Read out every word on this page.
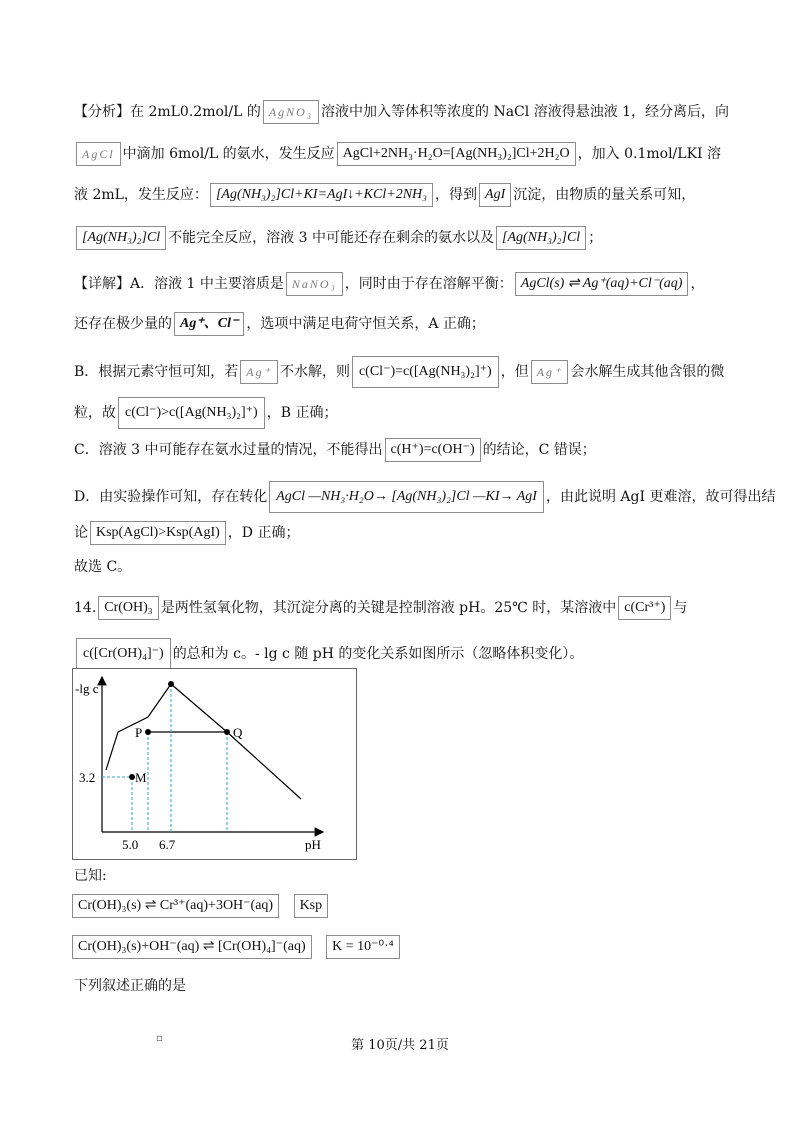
【分析】在 2mL0.2mol/L 的 AgNO₃ 溶液中加入等体积等浓度的 NaCl 溶液得悬浊液 1，经分离后，向
AgCl 中滴加 6mol/L 的氨水，发生反应 AgCl+2NH₃·H₂O=[Ag(NH₃)₂]Cl+2H₂O ，加入 0.1mol/LKI 溶
液 2mL，发生反应： [Ag(NH₃)₂]Cl+KI=AgI↓+KCl+2NH₃ ，得到 AgI 沉淀，由物质的量关系可知，
[Ag(NH₃)₂]Cl 不能完全反应，溶液 3 中可能还存在剩余的氨水以及 [Ag(NH₃)₂]Cl ；
【详解】A．溶液 1 中主要溶质是 NaNO₃ ，同时由于存在溶解平衡： AgCl(s) ⇌ Ag⁺(aq)+Cl⁻(aq) ，
还存在极少量的 Ag⁺、Cl⁻ ，选项中满足电荷守恒关系，A 正确；
B．根据元素守恒可知，若 Ag⁺ 不水解，则 c(Cl⁻)=c([Ag(NH₃)₂]⁺) ，但 Ag⁺ 会水解生成其他含银的微
粒，故 c(Cl⁻)>c([Ag(NH₃)₂]⁺) ，B 正确；
C．溶液 3 中可能存在氨水过量的情况，不能得出 c(H⁺)=c(OH⁻) 的结论，C 错误；
D．由实验操作可知，存在转化 AgCl —NH₃·H₂O→ [Ag(NH₃)₂]Cl —KI→ AgI ，由此说明 AgI 更难溶，故可得出结
论 Ksp(AgCl)>Ksp(AgI) ，D 正确；
故选 C。
14. Cr(OH)₃ 是两性氢氧化物，其沉淀分离的关键是控制溶液 pH。25℃ 时，某溶液中 c(Cr³⁺) 与
c([Cr(OH)₄]⁻) 的总和为 c。- lg c 随 pH 的变化关系如图所示（忽略体积变化）。
-lg c
pH
P	Q
M
3.2
5.0 6.7
已知:
Cr(OH)₃(s) ⇌ Cr³⁺(aq)+3OH⁻(aq) Ksp
Cr(OH)₃(s)+OH⁻(aq) ⇌ [Cr(OH)₄]⁻(aq) K = 10⁻⁰·⁴
下列叙述正确的是
▫	第 10页/共 21页
